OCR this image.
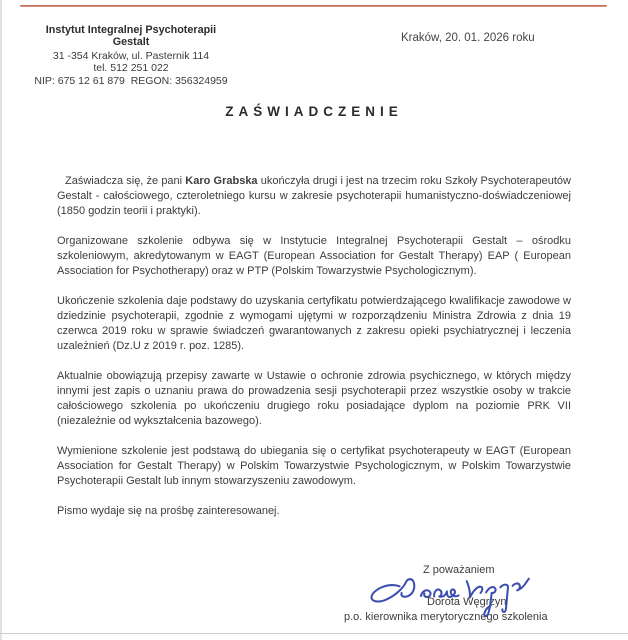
Instytut Integralnej Psychoterapii Gestalt
31 -354 Kraków, ul. Pasternik 114
tel. 512 251 022
NIP: 675 12 61 879  REGON: 356324959
Kraków, 20. 01. 2026 roku
ZAŚWIADCZENIE

Zaświadcza się, że pani Karo Grabska ukończyła drugi i jest na trzecim roku Szkoły Psychoterapeutów Gestalt - całościowego, czteroletniego kursu w zakresie psychoterapii humanistyczno-doświadczeniowej (1850 godzin teorii i praktyki).

Organizowane szkolenie odbywa się w Instytucie Integralnej Psychoterapii Gestalt – ośrodku szkoleniowym, akredytowanym w EAGT (European Association for Gestalt Therapy) EAP ( European Association for Psychotherapy) oraz w PTP (Polskim Towarzystwie Psychologicznym).

Ukończenie szkolenia daje podstawy do uzyskania certyfikatu potwierdzającego kwalifikacje zawodowe w dziedzinie psychoterapii, zgodnie z wymogami ujętymi w rozporządzeniu Ministra Zdrowia z dnia 19 czerwca 2019 roku w sprawie świadczeń gwarantowanych z zakresu opieki psychiatrycznej i leczenia uzależnień (Dz.U z 2019 r. poz. 1285).

Aktualnie obowiązują przepisy zawarte w Ustawie o ochronie zdrowia psychicznego, w których między innymi jest zapis o uznaniu prawa do prowadzenia sesji psychoterapii przez wszystkie osoby w trakcie całościowego szkolenia po ukończeniu drugiego roku posiadające dyplom na poziomie PRK VII (niezależnie od wykształcenia bazowego).

Wymienione szkolenie jest podstawą do ubiegania się o certyfikat psychoterapeuty w EAGT (European Association for Gestalt Therapy) w Polskim Towarzystwie Psychologicznym, w Polskim Towarzystwie Psychoterapii Gestalt lub innym stowarzyszeniu zawodowym.

Pismo wydaje się na prośbę zainteresowanej.

Z poważaniem
Dorota Węgrzyn
p.o. kierownika merytorycznego szkolenia
